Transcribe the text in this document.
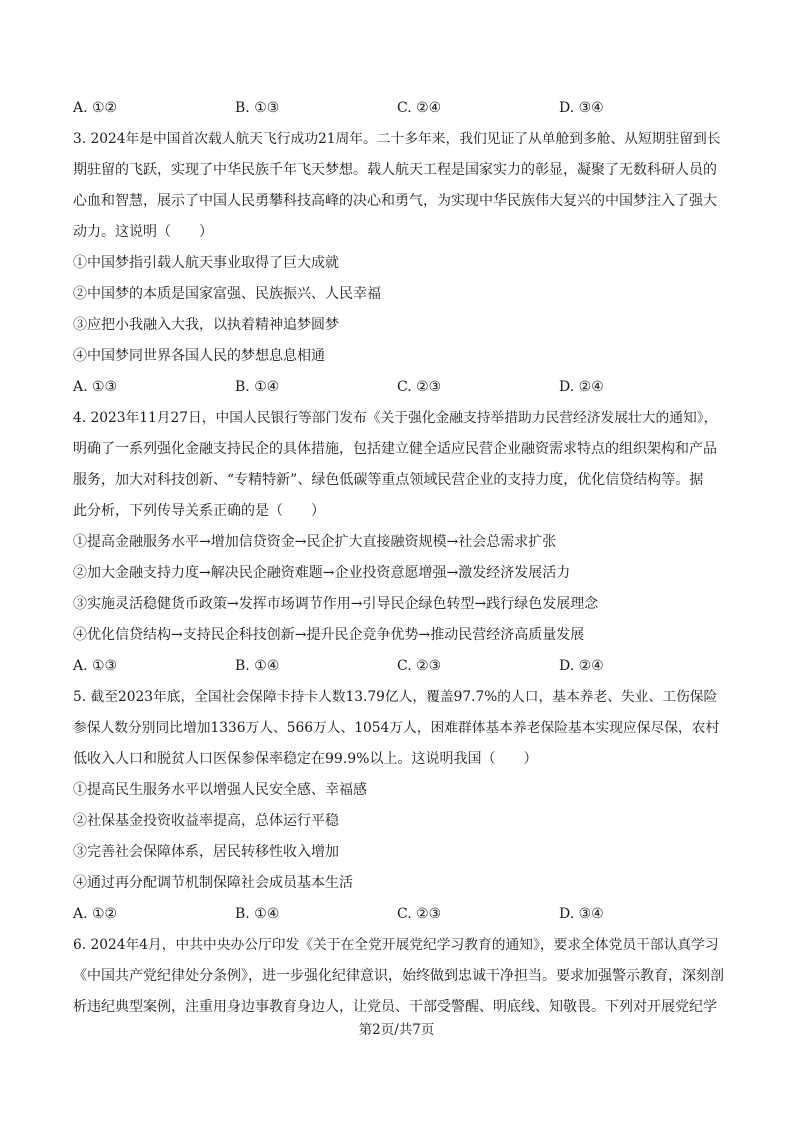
A. ①②	B. ①③	C. ②④	D. ③④
3. 2024年是中国首次载人航天飞行成功21周年。二十多年来，我们见证了从单舱到多舱、从短期驻留到长
期驻留的飞跃，实现了中华民族千年飞天梦想。载人航天工程是国家实力的彰显，凝聚了无数科研人员的
心血和智慧，展示了中国人民勇攀科技高峰的决心和勇气，为实现中华民族伟大复兴的中国梦注入了强大
动力。这说明（　　）
①中国梦指引载人航天事业取得了巨大成就
②中国梦的本质是国家富强、民族振兴、人民幸福
③应把小我融入大我，以执着精神追梦圆梦
④中国梦同世界各国人民的梦想息息相通
A. ①③	B. ①④	C. ②③	D. ②④
4. 2023年11月27日，中国人民银行等部门发布《关于强化金融支持举措助力民营经济发展壮大的通知》，
明确了一系列强化金融支持民企的具体措施，包括建立健全适应民营企业融资需求特点的组织架构和产品
服务，加大对科技创新、“专精特新”、绿色低碳等重点领域民营企业的支持力度，优化信贷结构等。据
此分析，下列传导关系正确的是（　　）
①提高金融服务水平→增加信贷资金→民企扩大直接融资规模→社会总需求扩张
②加大金融支持力度→解决民企融资难题→企业投资意愿增强→激发经济发展活力
③实施灵活稳健货币政策→发挥市场调节作用→引导民企绿色转型→践行绿色发展理念
④优化信贷结构→支持民企科技创新→提升民企竞争优势→推动民营经济高质量发展
A. ①③	B. ①④	C. ②③	D. ②④
5. 截至2023年底，全国社会保障卡持卡人数13.79亿人，覆盖97.7%的人口，基本养老、失业、工伤保险
参保人数分别同比增加1336万人、566万人、1054万人，困难群体基本养老保险基本实现应保尽保，农村
低收入人口和脱贫人口医保参保率稳定在99.9%以上。这说明我国（　　）
①提高民生服务水平以增强人民安全感、幸福感
②社保基金投资收益率提高，总体运行平稳
③完善社会保障体系，居民转移性收入增加
④通过再分配调节机制保障社会成员基本生活
A. ①②	B. ①④	C. ②③	D. ③④
6. 2024年4月，中共中央办公厅印发《关于在全党开展党纪学习教育的通知》，要求全体党员干部认真学习
《中国共产党纪律处分条例》，进一步强化纪律意识，始终做到忠诚干净担当。要求加强警示教育，深刻剖
析违纪典型案例，注重用身边事教育身边人，让党员、干部受警醒、明底线、知敬畏。下列对开展党纪学
第2页/共7页
